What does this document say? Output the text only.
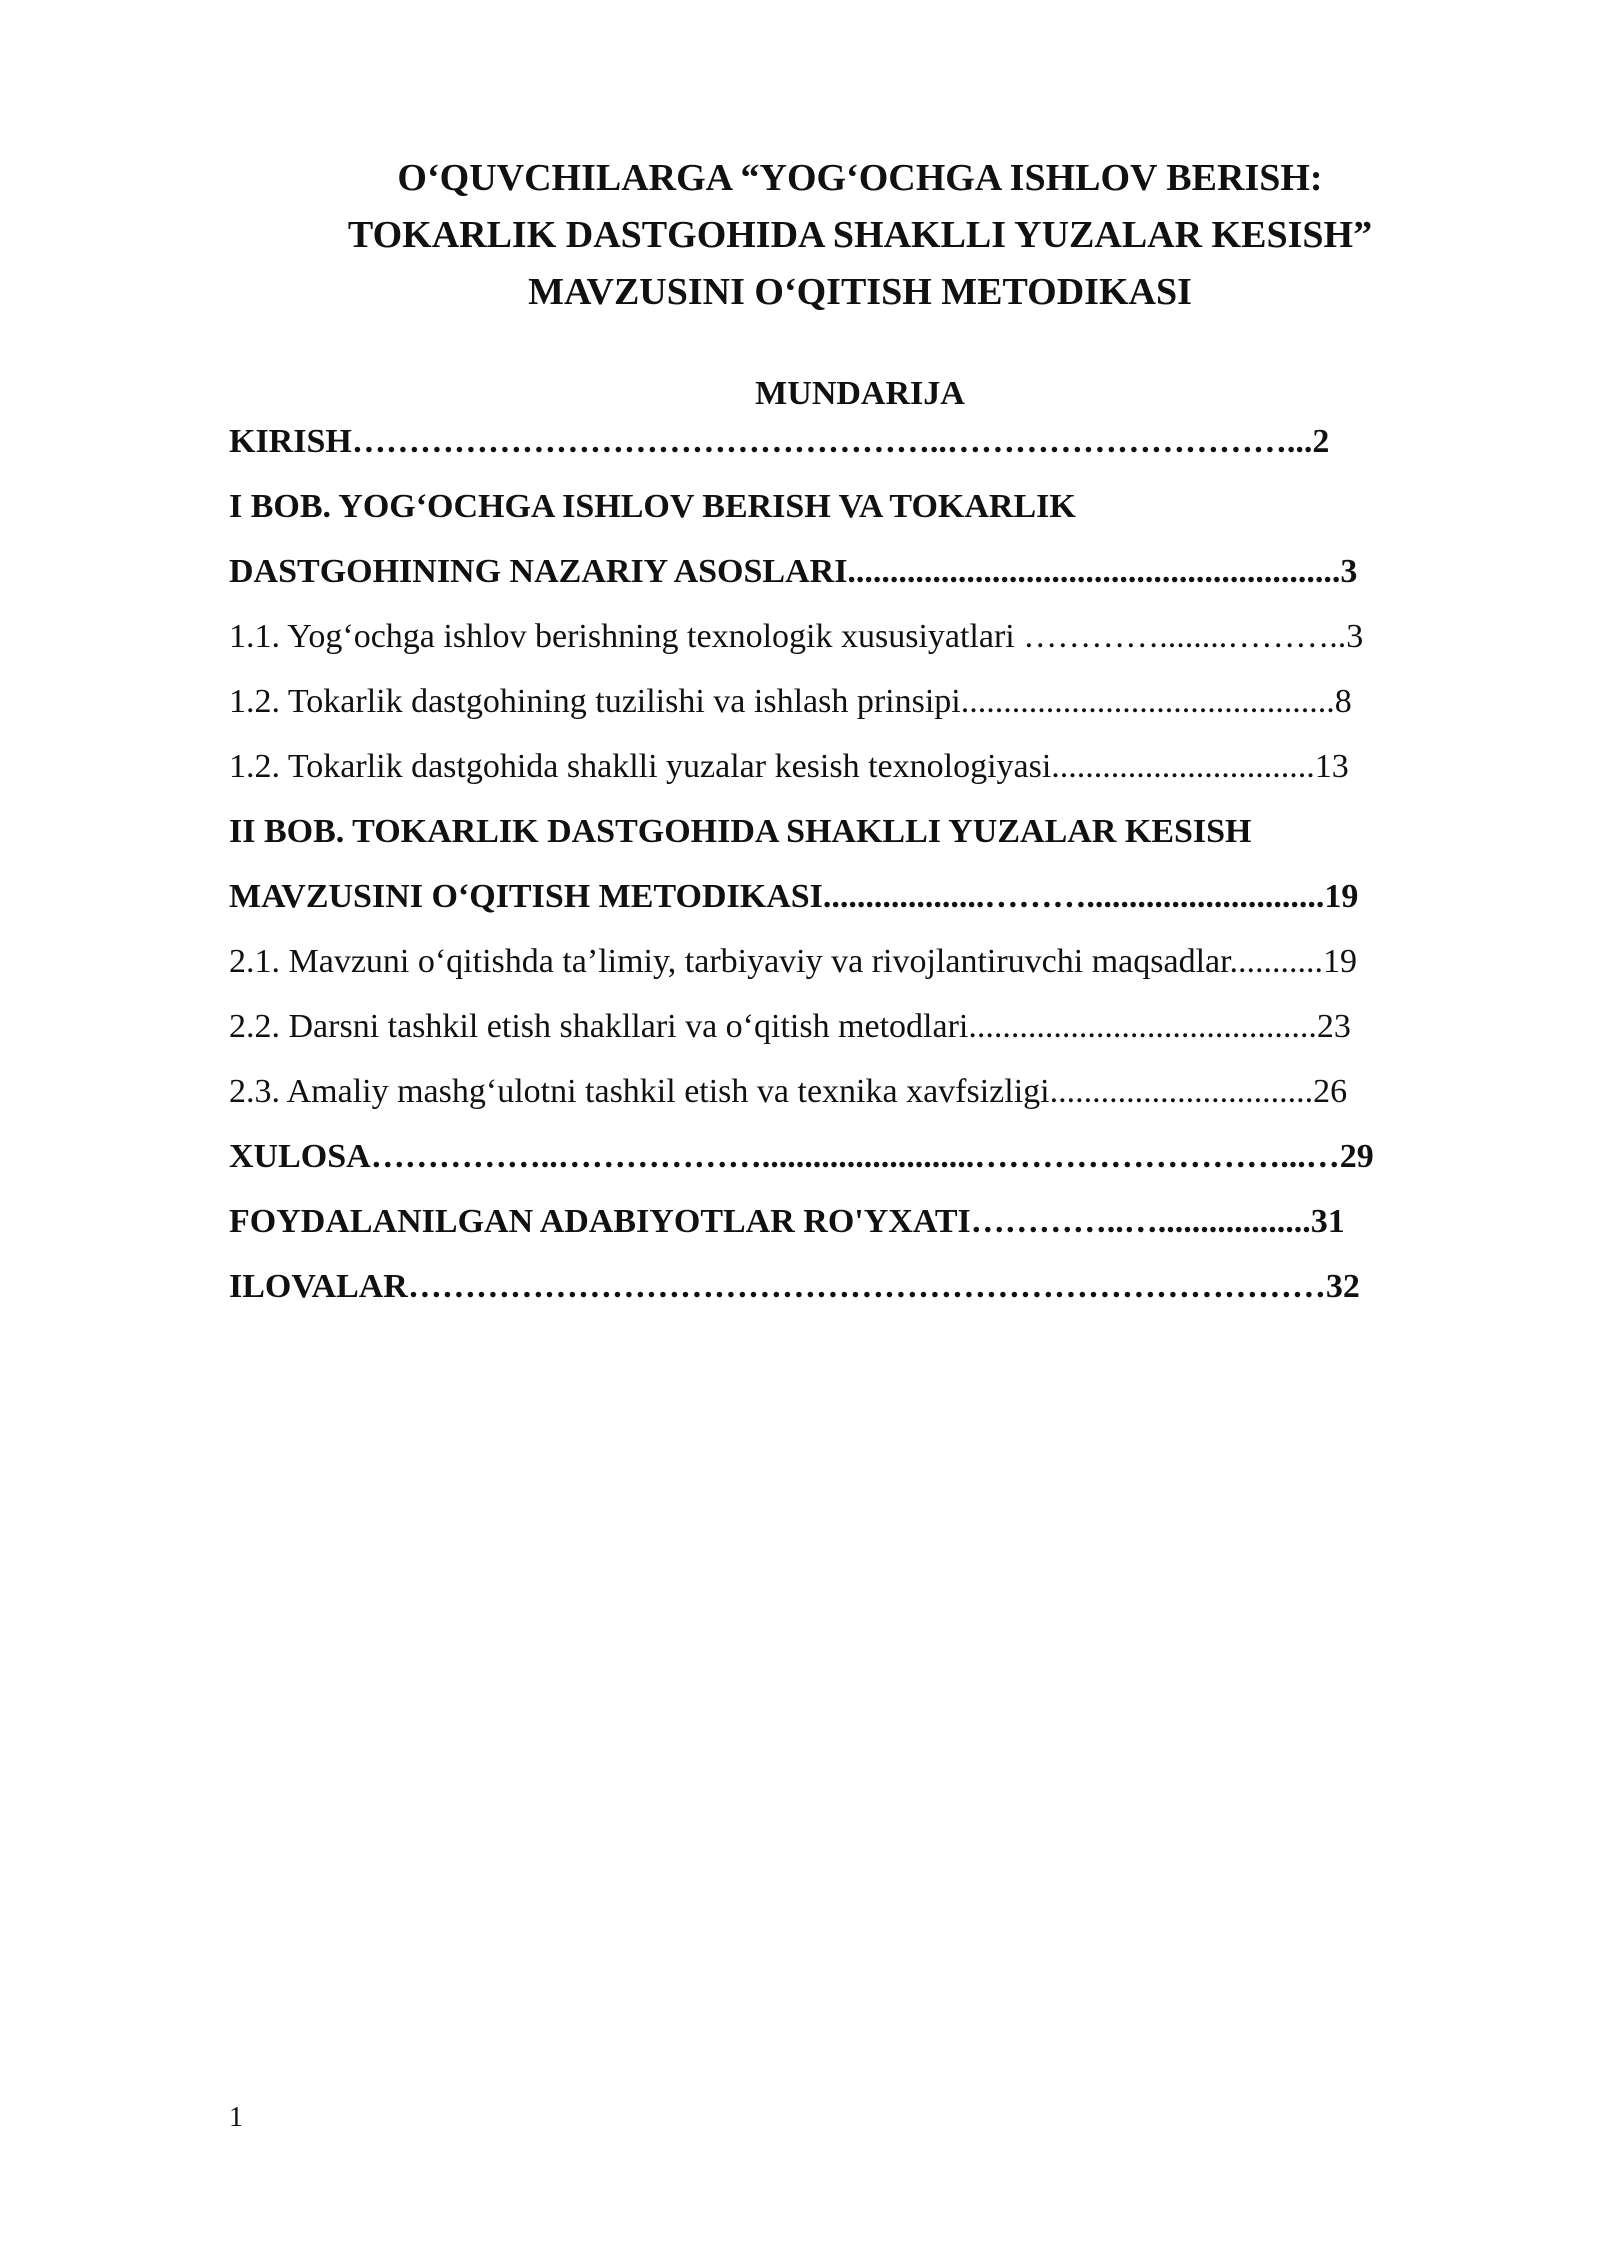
O‘QUVCHILARGA “YOG‘OCHGA ISHLOV BERISH:
TOKARLIK DASTGOHIDA SHAKLLI YUZALAR KESISH”
MAVZUSINI O‘QITISH METODIKASI
MUNDARIJA
KIRISH……………………………………………..…………………………...2
I BOB. YOG‘OCHGA ISHLOV BERISH VA TOKARLIK
DASTGOHINING NAZARIY ASOSLARI..........................................................3
1.1. Yog‘ochga ishlov berishning texnologik xususiyatlari …………........………..3
1.2. Tokarlik dastgohining tuzilishi va ishlash prinsipi............................................8
1.2. Tokarlik dastgohida shaklli yuzalar kesish texnologiyasi...............................13
II BOB. TOKARLIK DASTGOHIDA SHAKLLI YUZALAR KESISH
MAVZUSINI O‘QITISH METODIKASI...................………............................19
2.1. Mavzuni o‘qitishda ta’limiy, tarbiyaviy va rivojlantiruvchi maqsadlar...........19
2.2. Darsni tashkil etish shakllari va o‘qitish metodlari.........................................23
2.3. Amaliy mashg‘ulotni tashkil etish va texnika xavfsizligi...............................26
XULOSA……………..……………….........................………………………...…29
FOYDALANILGAN ADABIYOTLAR RO'YXATI…………..…..................31
ILOVALAR………………………………………………………………………32
1
